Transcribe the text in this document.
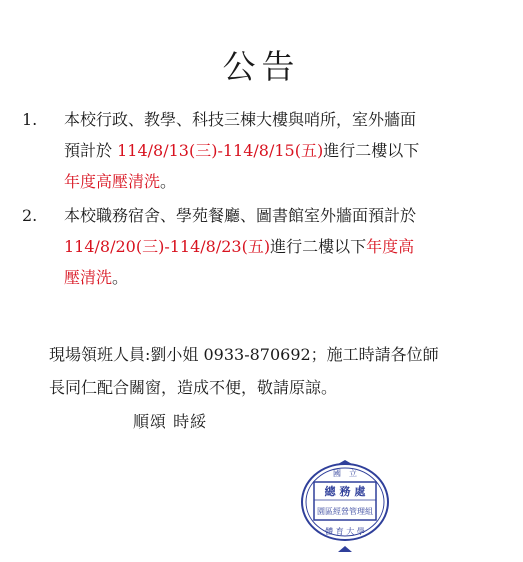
公告
1. 本校行政、教學、科技三棟大樓與哨所，室外牆面
預計於 114/8/13(三)-114/8/15(五)進行二樓以下
年度高壓清洗。
2. 本校職務宿舍、學苑餐廳、圖書館室外牆面預計於
114/8/20(三)-114/8/23(五)進行二樓以下年度高
壓清洗。
現場領班人員:劉小姐 0933-870692；施工時請各位師
長同仁配合關窗，造成不便，敬請原諒。
順頌 時綏
國　立
總 務 處
園區經營管理組
體 育 大 學
